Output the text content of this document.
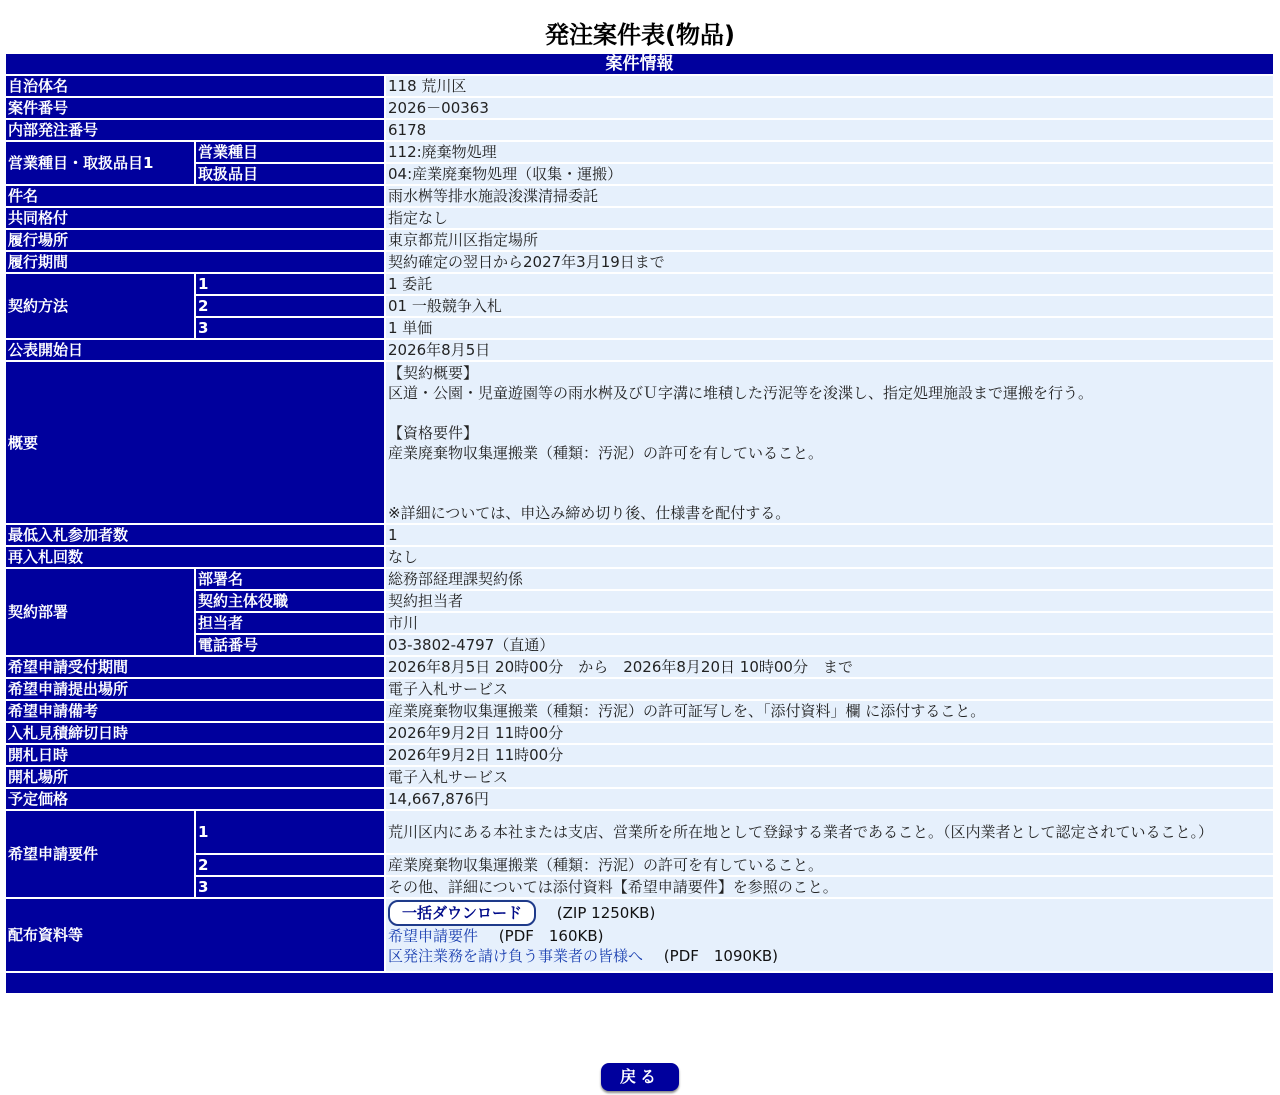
発注案件表(物品)
案件情報		
自治体名		118 荒川区
案件番号		2026－00363
内部発注番号		6178
営業種目・取扱品目1	営業種目	112:廃棄物処理
	取扱品目	04:産業廃棄物処理（収集・運搬）
件名		雨水桝等排水施設浚渫清掃委託
共同格付		指定なし
履行場所		東京都荒川区指定場所
履行期間		契約確定の翌日から2027年3月19日まで
契約方法	1	1 委託
	2	01 一般競争入札
	3	1 単価
公表開始日		2026年8月5日
概要		【契約概要】
区道・公園・児童遊園等の雨水桝及びＵ字溝に堆積した汚泥等を浚渫し、指定処理施設まで運搬を行う。
【資格要件】
産業廃棄物収集運搬業（種類：汚泥）の許可を有していること。
※詳細については、申込み締め切り後、仕様書を配付する。

最低入札参加者数		1
再入札回数		なし
契約部署	部署名	総務部経理課契約係
	契約主体役職	契約担当者
	担当者	市川
	電話番号	03-3802-4797（直通）
希望申請受付期間		2026年8月5日 20時00分　から　2026年8月20日 10時00分　まで
希望申請提出場所		電子入札サービス
希望申請備考		産業廃棄物収集運搬業（種類：汚泥）の許可証写しを、「添付資料」欄 に添付すること。
入札見積締切日時		2026年9月2日 11時00分
開札日時		2026年9月2日 11時00分
開札場所		電子入札サービス
予定価格		14,667,876円
希望申請要件	1	荒川区内にある本社または支店、営業所を所在地として登録する業者であること。（区内業者として認定されていること。）
	2	産業廃棄物収集運搬業（種類：汚泥）の許可を有していること。
	3	その他、詳細については添付資料【希望申請要件】を参照のこと。
配布資料等		一括ダウンロード (ZIP 1250KB)
希望申請要件 (PDF　160KB)
区発注業務を請け負う事業者の皆様へ (PDF　1090KB)

戻る
